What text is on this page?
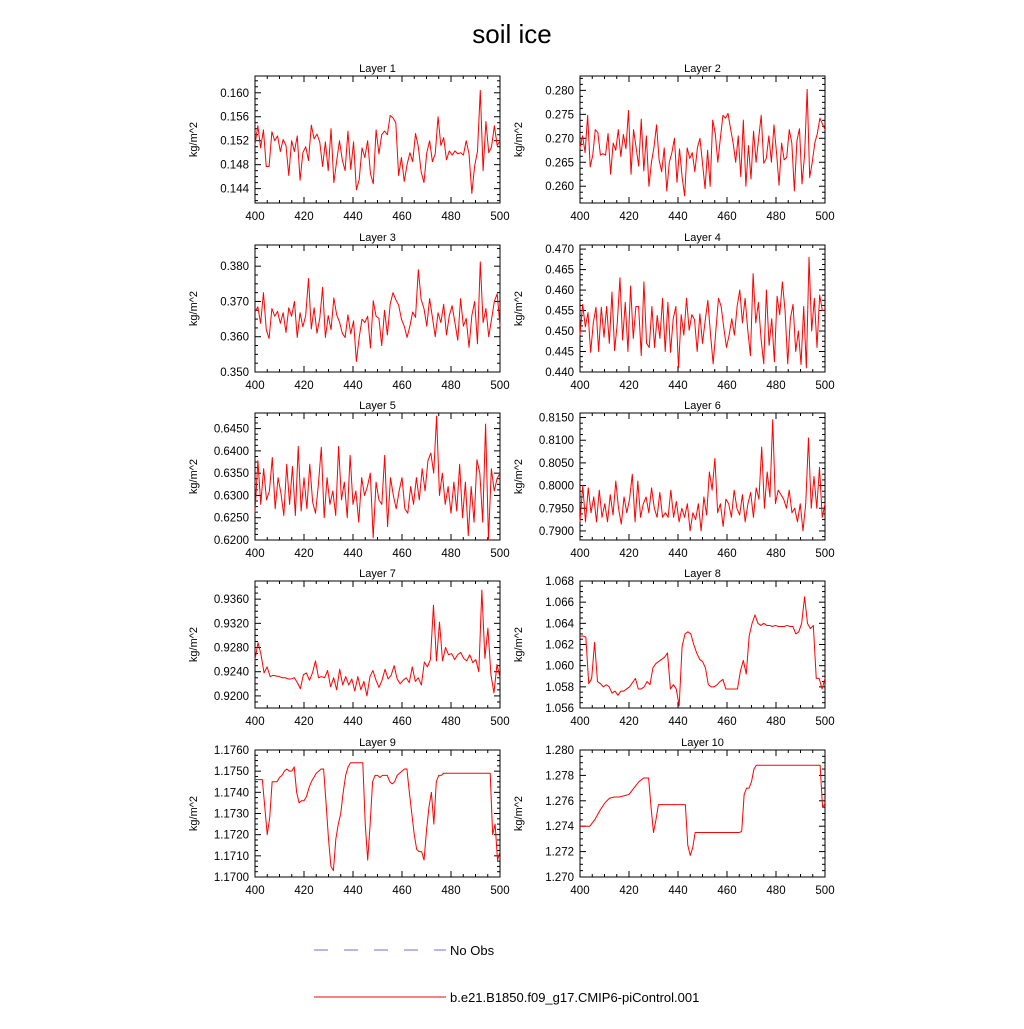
soil ice
Layer 1
kg/m^2
400	420	440	460	480	500
0.144
0.148
0.152
0.156
0.160
Layer 2
kg/m^2
400	420	440	460	480	500
0.260
0.265
0.270
0.275
0.280
Layer 3
kg/m^2
400	420	440	460	480	500
0.350
0.360
0.370
0.380
Layer 4
kg/m^2
400	420	440	460	480	500
0.440
0.445
0.450
0.455
0.460
0.465
0.470
Layer 5
kg/m^2
400	420	440	460	480	500
0.6200
0.6250
0.6300
0.6350
0.6400
0.6450
Layer 6
kg/m^2
400	420	440	460	480	500
0.7900
0.7950
0.8000
0.8050
0.8100
0.8150
Layer 7
kg/m^2
400	420	440	460	480	500
0.9200
0.9240
0.9280
0.9320
0.9360
Layer 8
kg/m^2
400	420	440	460	480	500
1.056
1.058
1.060
1.062
1.064
1.066
1.068
Layer 9
kg/m^2
400	420	440	460	480	500
1.1700
1.1710
1.1720
1.1730
1.1740
1.1750
1.1760
Layer 10
kg/m^2
400	420	440	460	480	500
1.270
1.272
1.274
1.276
1.278
1.280
No Obs
b.e21.B1850.f09_g17.CMIP6-piControl.001
